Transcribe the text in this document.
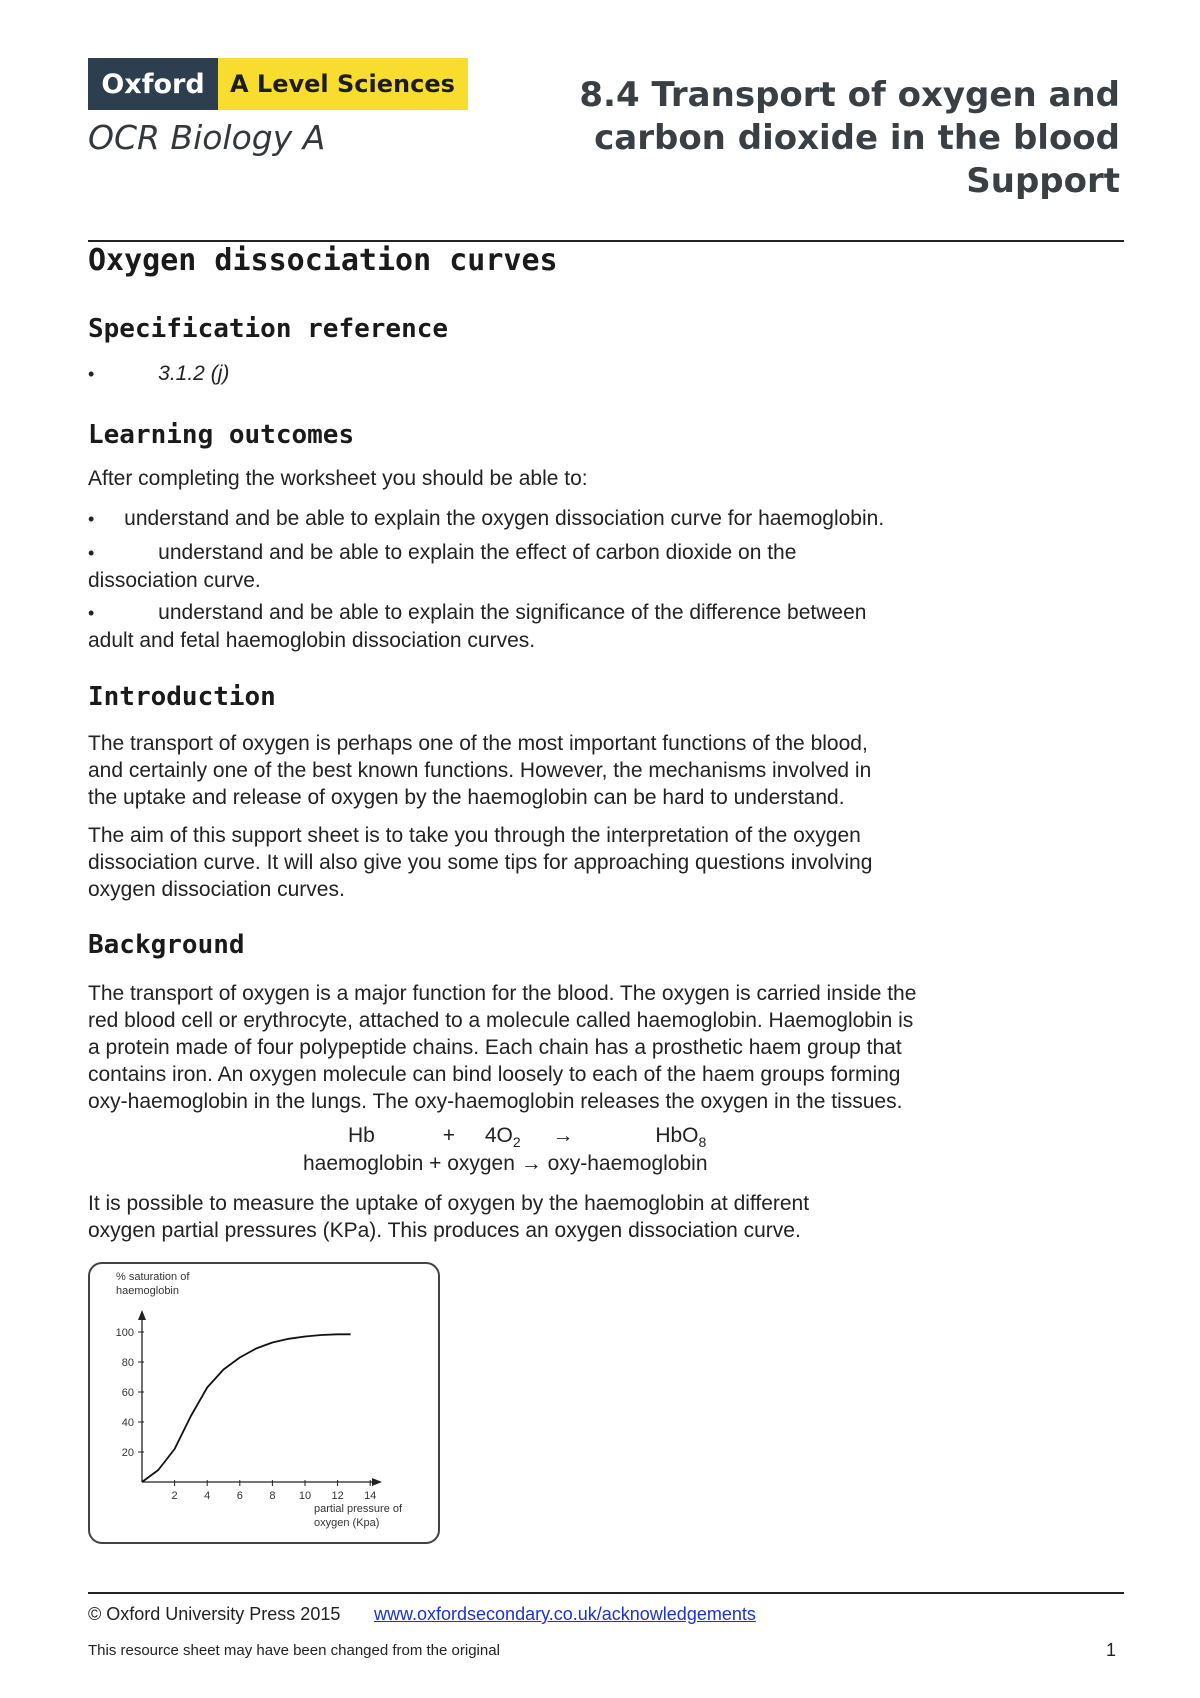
Oxford	A Level Sciences
OCR Biology A
8.4 Transport of oxygen and
carbon dioxide in the blood
Support
Oxygen dissociation curves
Specification reference
•	3.1.2 (j)
Learning outcomes
After completing the worksheet you should be able to:
• understand and be able to explain the oxygen dissociation curve for haemoglobin.
•	understand and be able to explain the effect of carbon dioxide on the
dissociation curve.
•	understand and be able to explain the significance of the difference between
adult and fetal haemoglobin dissociation curves.
Introduction
The transport of oxygen is perhaps one of the most important functions of the blood,
and certainly one of the best known functions. However, the mechanisms involved in
the uptake and release of oxygen by the haemoglobin can be hard to understand.
The aim of this support sheet is to take you through the interpretation of the oxygen
dissociation curve. It will also give you some tips for approaching questions involving
oxygen dissociation curves.
Background
The transport of oxygen is a major function for the blood. The oxygen is carried inside the
red blood cell or erythrocyte, attached to a molecule called haemoglobin. Haemoglobin is
a protein made of four polypeptide chains. Each chain has a prosthetic haem group that
contains iron. An oxygen molecule can bind loosely to each of the haem groups forming
oxy-haemoglobin in the lungs. The oxy-haemoglobin releases the oxygen in the tissues.
Hb	+ $4O_2$ →	HbO$_8$
haemoglobin + oxygen → oxy-haemoglobin
It is possible to measure the uptake of oxygen by the haemoglobin at different
oxygen partial pressures (KPa). This produces an oxygen dissociation curve.
% saturation of
haemoglobin
20
40
60
80
100
2 4 6 8 10 12 14
partial pressure of
oxygen (Kpa)
© Oxford University Press 2015 www.oxfordsecondary.co.uk/acknowledgements
This resource sheet may have been changed from the original	1
